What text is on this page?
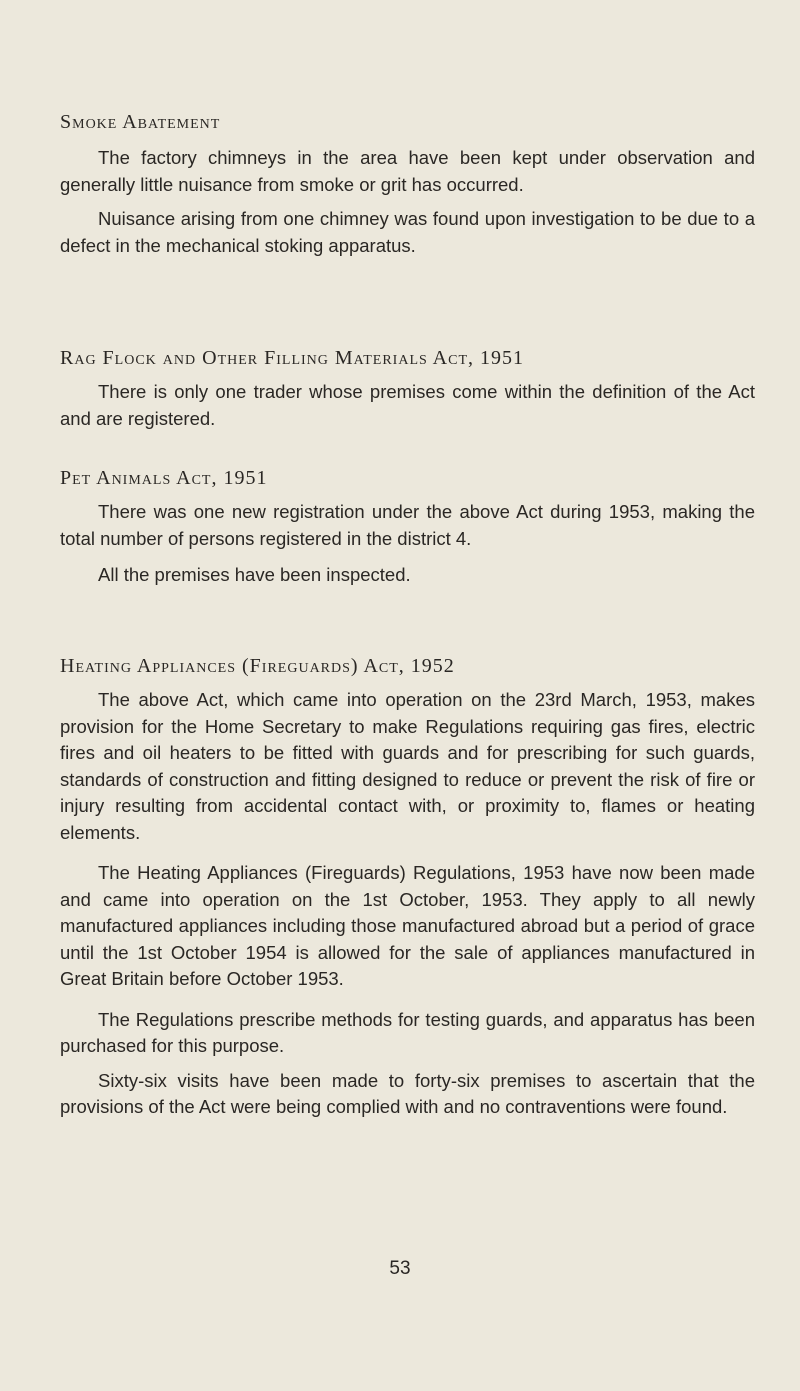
Smoke Abatement

The factory chimneys in the area have been kept under observation and generally little nuisance from smoke or grit has occurred.

Nuisance arising from one chimney was found upon investigation to be due to a defect in the mechanical stoking apparatus.

Rag Flock and Other Filling Materials Act, 1951

There is only one trader whose premises come within the definition of the Act and are registered.

Pet Animals Act, 1951

There was one new registration under the above Act during 1953, making the total number of persons registered in the district 4.

All the premises have been inspected.

Heating Appliances (Fireguards) Act, 1952

The above Act, which came into operation on the 23rd March, 1953, makes provision for the Home Secretary to make Regulations requiring gas fires, electric fires and oil heaters to be fitted with guards and for prescribing for such guards, standards of construction and fitting designed to reduce or prevent the risk of fire or injury resulting from accidental contact with, or proximity to, flames or heating elements.

The Heating Appliances (Fireguards) Regulations, 1953 have now been made and came into operation on the 1st October, 1953. They apply to all newly manufactured appliances including those manufactured abroad but a period of grace until the 1st October 1954 is allowed for the sale of appliances manufactured in Great Britain before October 1953.

The Regulations prescribe methods for testing guards, and apparatus has been purchased for this purpose.

Sixty-six visits have been made to forty-six premises to ascertain that the provisions of the Act were being complied with and no contraventions were found.

53
